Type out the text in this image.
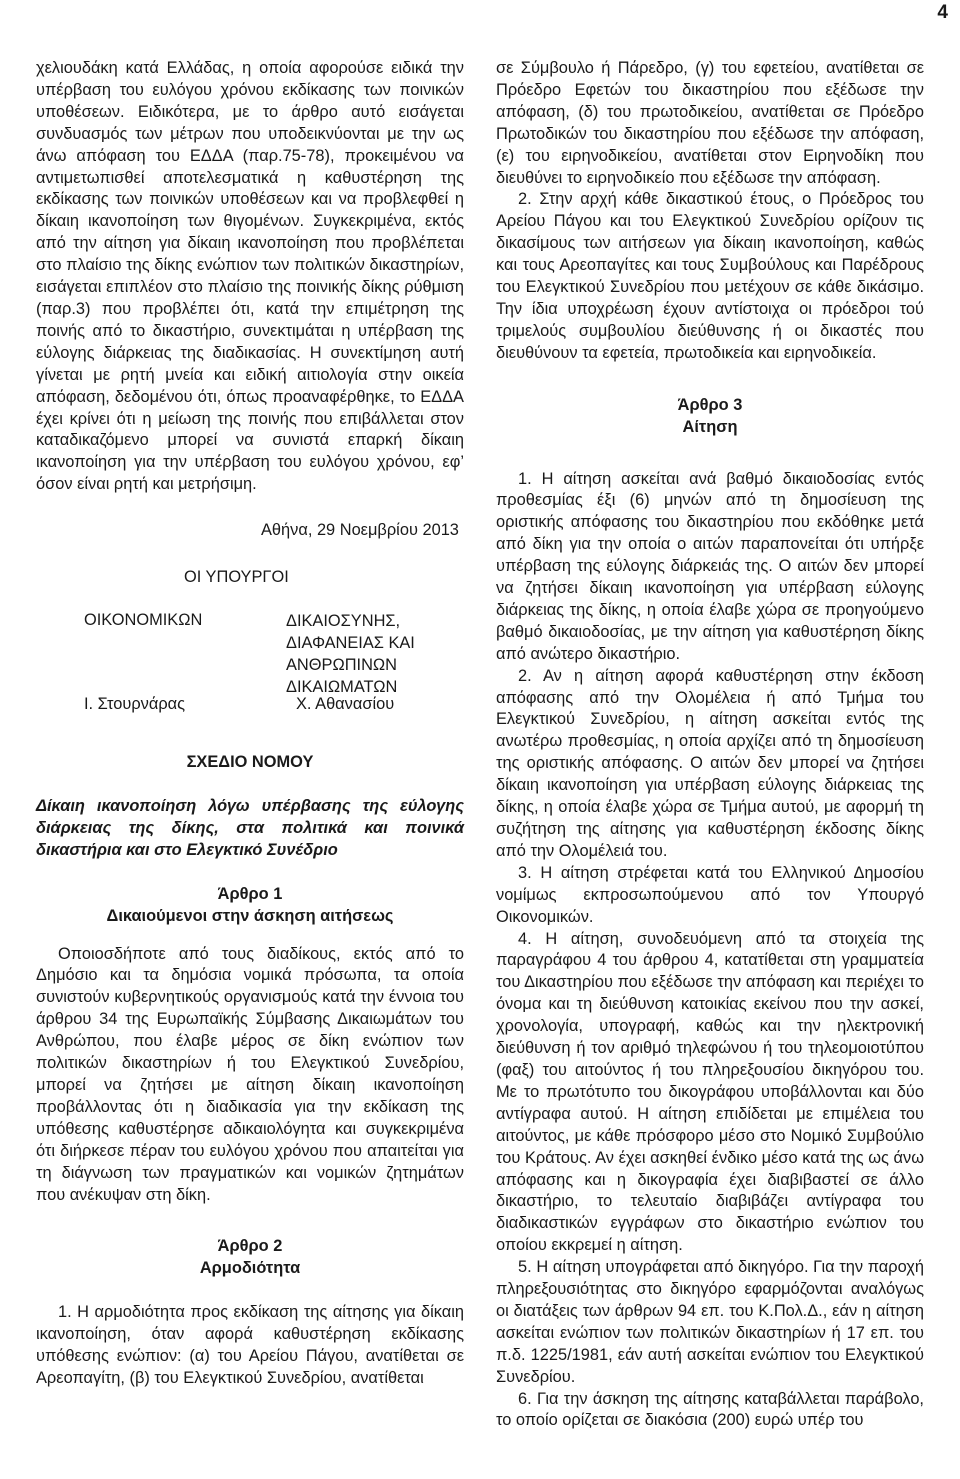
4

χελιουδάκη κατά Ελλάδας, η οποία αφορούσε ειδικά την υπέρβαση του ευλόγου χρόνου εκδίκασης των ποινικών υποθέσεων. Ειδικότερα, με το άρθρο αυτό εισάγεται συνδυασμός των μέτρων που υποδεικνύονται με την ως άνω απόφαση του ΕΔΔΑ (παρ.75-78), προκειμένου να αντιμετωπισθεί αποτελεσματικά η καθυστέρηση της εκδίκασης των ποινικών υποθέσεων και να προβλεφθεί η δίκαιη ικανοποίηση των θιγομένων. Συγκεκριμένα, εκτός από την αίτηση για δίκαιη ικανοποίηση που προβλέπεται στο πλαίσιο της δίκης ενώπιον των πολιτικών δικαστηρίων, εισάγεται επιπλέον στο πλαίσιο της ποινικής δίκης ρύθμιση (παρ.3) που προβλέπει ότι, κατά την επιμέτρηση της ποινής από το δικαστήριο, συνεκτιμάται η υπέρβαση της εύλογης διάρκειας της διαδικασίας. Η συνεκτίμηση αυτή γίνεται με ρητή μνεία και ειδική αιτιολογία στην οικεία απόφαση, δεδομένου ότι, όπως προαναφέρθηκε, το ΕΔΔΑ έχει κρίνει ότι η μείωση της ποινής που επιβάλλεται στον καταδικαζόμενο μπορεί να συνιστά επαρκή δίκαιη ικανοποίηση για την υπέρβαση του ευλόγου χρόνου, εφ’ όσον είναι ρητή και μετρήσιμη.

Αθήνα, 29 Νοεμβρίου 2013
ΟΙ ΥΠΟΥΡΓΟΙ
ΟΙΚΟΝΟΜΙΚΩΝ	ΔΙΚΑΙΟΣΥΝΗΣ,
ΔΙΑΦΑΝΕΙΑΣ ΚΑΙ
ΑΝΘΡΩΠΙΝΩΝ
ΔΙΚΑΙΩΜΑΤΩΝ
Ι. Στουρνάρας	Χ. Αθανασίου

ΣΧΕΔΙΟ ΝΟΜΟΥ

Δίκαιη ικανοποίηση λόγω υπέρβασης της εύλογης διάρκειας της δίκης, στα πολιτικά και ποινικά δικαστήρια και στο Ελεγκτικό Συνέδριο

Άρθρο 1

Δικαιούμενοι στην άσκηση αιτήσεως

Οποιοσδήποτε από τους διαδίκους, εκτός από το Δημόσιο και τα δημόσια νομικά πρόσωπα, τα οποία συνιστούν κυβερνητικούς οργανισμούς κατά την έννοια του άρθρου 34 της Ευρωπαϊκής Σύμβασης Δικαιωμάτων του Ανθρώπου, που έλαβε μέρος σε δίκη ενώπιον των πολιτικών δικαστηρίων ή του Ελεγκτικού Συνεδρίου, μπορεί να ζητήσει με αίτηση δίκαιη ικανοποίηση προβάλλοντας ότι η διαδικασία για την εκδίκαση της υπόθεσης καθυστέρησε αδικαιολόγητα και συγκεκριμένα ότι διήρκεσε πέραν του ευλόγου χρόνου που απαιτείται για τη διάγνωση των πραγματικών και νομικών ζητημάτων που ανέκυψαν στη δίκη.

Άρθρο 2

Αρμοδιότητα

1. Η αρμοδιότητα προς εκδίκαση της αίτησης για δίκαιη ικανοποίηση, όταν αφορά καθυστέρηση εκδίκασης υπόθεσης ενώπιον: (α) του Αρείου Πάγου, ανατίθεται σε Αρεοπαγίτη, (β) του Ελεγκτικού Συνεδρίου, ανατίθεται

σε Σύμβουλο ή Πάρεδρο, (γ) του εφετείου, ανατίθεται σε Πρόεδρο Εφετών του δικαστηρίου που εξέδωσε την απόφαση, (δ) του πρωτοδικείου, ανατίθεται σε Πρόεδρο Πρωτοδικών του δικαστηρίου που εξέδωσε την απόφαση, (ε) του ειρηνοδικείου, ανατίθεται στον Ειρηνοδίκη που διευθύνει το ειρηνοδικείο που εξέδωσε την απόφαση.

2. Στην αρχή κάθε δικαστικού έτους, ο Πρόεδρος του Αρείου Πάγου και του Ελεγκτικού Συνεδρίου ορίζουν τις δικασίμους των αιτήσεων για δίκαιη ικανοποίηση, καθώς και τους Αρεοπαγίτες και τους Συμβούλους και Παρέδρους του Ελεγκτικού Συνεδρίου που μετέχουν σε κάθε δικάσιμο. Την ίδια υποχρέωση έχουν αντίστοιχα οι πρόεδροι τού τριμελούς συμβουλίου διεύθυνσης ή οι δικαστές που διευθύνουν τα εφετεία, πρωτοδικεία και ειρηνοδικεία.

Άρθρο 3

Αίτηση

1. Η αίτηση ασκείται ανά βαθμό δικαιοδοσίας εντός προθεσμίας έξι (6) μηνών από τη δημοσίευση της οριστικής απόφασης του δικαστηρίου που εκδόθηκε μετά από δίκη για την οποία ο αιτών παραπονείται ότι υπήρξε υπέρβαση της εύλογης διάρκειάς της. Ο αιτών δεν μπορεί να ζητήσει δίκαιη ικανοποίηση για υπέρβαση εύλογης διάρκειας της δίκης, η οποία έλαβε χώρα σε προηγούμενο βαθμό δικαιοδοσίας, με την αίτηση για καθυστέρηση δίκης από ανώτερο δικαστήριο.

2. Αν η αίτηση αφορά καθυστέρηση στην έκδοση απόφασης από την Ολομέλεια ή από Τμήμα του Ελεγκτικού Συνεδρίου, η αίτηση ασκείται εντός της ανωτέρω προθεσμίας, η οποία αρχίζει από τη δημοσίευση της οριστικής απόφασης. Ο αιτών δεν μπορεί να ζητήσει δίκαιη ικανοποίηση για υπέρβαση εύλογης διάρκειας της δίκης, η οποία έλαβε χώρα σε Τμήμα αυτού, με αφορμή τη συζήτηση της αίτησης για καθυστέρηση έκδοσης δίκης από την Ολομέλειά του.

3. Η αίτηση στρέφεται κατά του Ελληνικού Δημοσίου νομίμως εκπροσωπούμενου από τον Υπουργό Οικονομικών.

4. Η αίτηση, συνοδευόμενη από τα στοιχεία της παραγράφου 4 του άρθρου 4, κατατίθεται στη γραμματεία του Δικαστηρίου που εξέδωσε την απόφαση και περιέχει το όνομα και τη διεύθυνση κατοικίας εκείνου που την ασκεί, χρονολογία, υπογραφή, καθώς και την ηλεκτρονική διεύθυνση ή τον αριθμό τηλεφώνου ή του τηλεομοιοτύπου (φαξ) του αιτούντος ή του πληρεξουσίου δικηγόρου του. Με το πρωτότυπο του δικογράφου υποβάλλονται και δύο αντίγραφα αυτού. Η αίτηση επιδίδεται με επιμέλεια του αιτούντος, με κάθε πρόσφορο μέσο στο Νομικό Συμβούλιο του Κράτους. Αν έχει ασκηθεί ένδικο μέσο κατά της ως άνω απόφασης και η δικογραφία έχει διαβιβαστεί σε άλλο δικαστήριο, το τελευταίο διαβιβάζει αντίγραφα του διαδικαστικών εγγράφων στο δικαστήριο ενώπιον του οποίου εκκρεμεί η αίτηση.

5. Η αίτηση υπογράφεται από δικηγόρο. Για την παροχή πληρεξουσιότητας στο δικηγόρο εφαρμόζονται αναλόγως οι διατάξεις των άρθρων 94 επ. του Κ.Πολ.Δ., εάν η αίτηση ασκείται ενώπιον των πολιτικών δικαστηρίων ή 17 επ. του π.δ. 1225/1981, εάν αυτή ασκείται ενώπιον του Ελεγκτικού Συνεδρίου.

6. Για την άσκηση της αίτησης καταβάλλεται παράβολο, το οποίο ορίζεται σε διακόσια (200) ευρώ υπέρ του
